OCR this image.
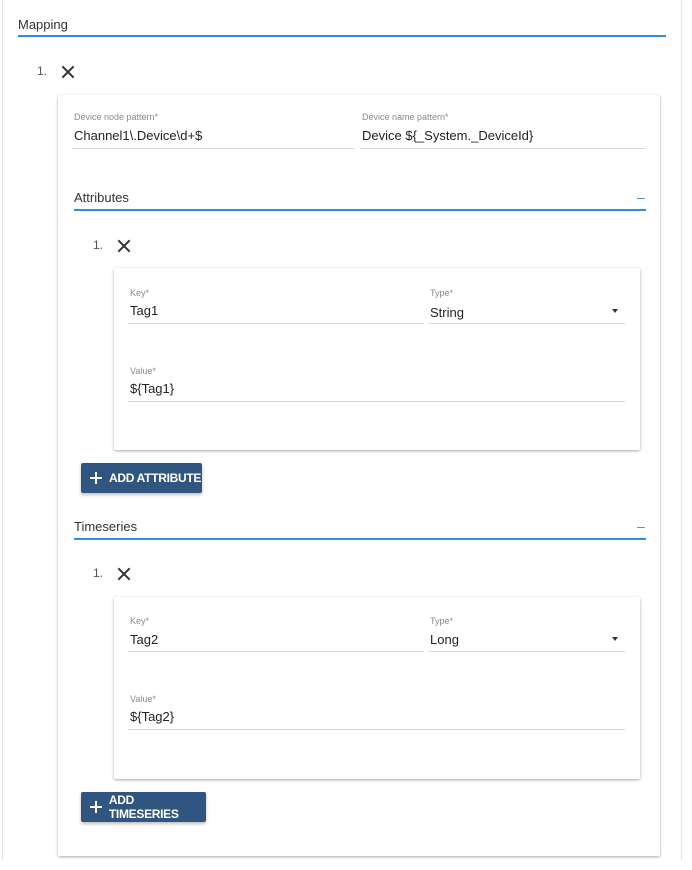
Mapping
1.
Device node pattern*
Channel1\.Device\d+$
Device name pattern*
Device ${_System._DeviceId}
Attributes	–
1.
Key*
Tag1
Type*
String
Value*
${Tag1}
ADD ATTRIBUTE
Timeseries	–
1.
Key*
Tag2
Type*
Long
Value*
${Tag2}
ADD TIMESERIES
